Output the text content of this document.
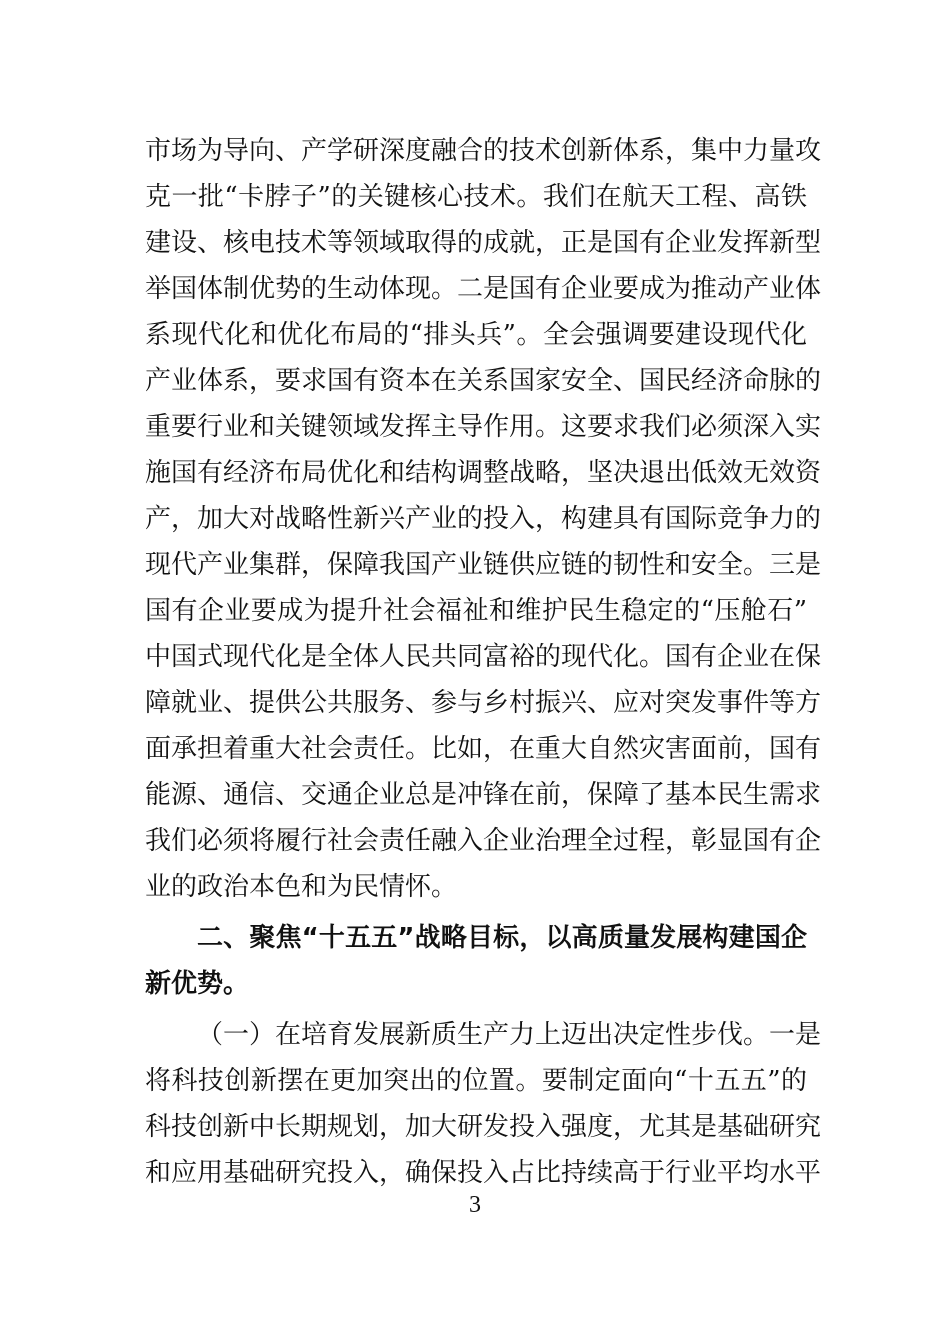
市场为导向、产学研深度融合的技术创新体系，集中力量攻
克一批“卡脖子”的关键核心技术。我们在航天工程、高铁
建设、核电技术等领域取得的成就，正是国有企业发挥新型
举国体制优势的生动体现。二是国有企业要成为推动产业体
系现代化和优化布局的“排头兵”。全会强调要建设现代化
产业体系，要求国有资本在关系国家安全、国民经济命脉的
重要行业和关键领域发挥主导作用。这要求我们必须深入实
施国有经济布局优化和结构调整战略，坚决退出低效无效资
产，加大对战略性新兴产业的投入，构建具有国际竞争力的
现代产业集群，保障我国产业链供应链的韧性和安全。三是
国有企业要成为提升社会福祉和维护民生稳定的“压舱石”
中国式现代化是全体人民共同富裕的现代化。国有企业在保
障就业、提供公共服务、参与乡村振兴、应对突发事件等方
面承担着重大社会责任。比如，在重大自然灾害面前，国有
能源、通信、交通企业总是冲锋在前，保障了基本民生需求
我们必须将履行社会责任融入企业治理全过程，彰显国有企
业的政治本色和为民情怀。
二、聚焦“十五五”战略目标，以高质量发展构建国企
新优势。
（一）在培育发展新质生产力上迈出决定性步伐。一是
将科技创新摆在更加突出的位置。要制定面向“十五五”的
科技创新中长期规划，加大研发投入强度，尤其是基础研究
和应用基础研究投入，确保投入占比持续高于行业平均水平
3
